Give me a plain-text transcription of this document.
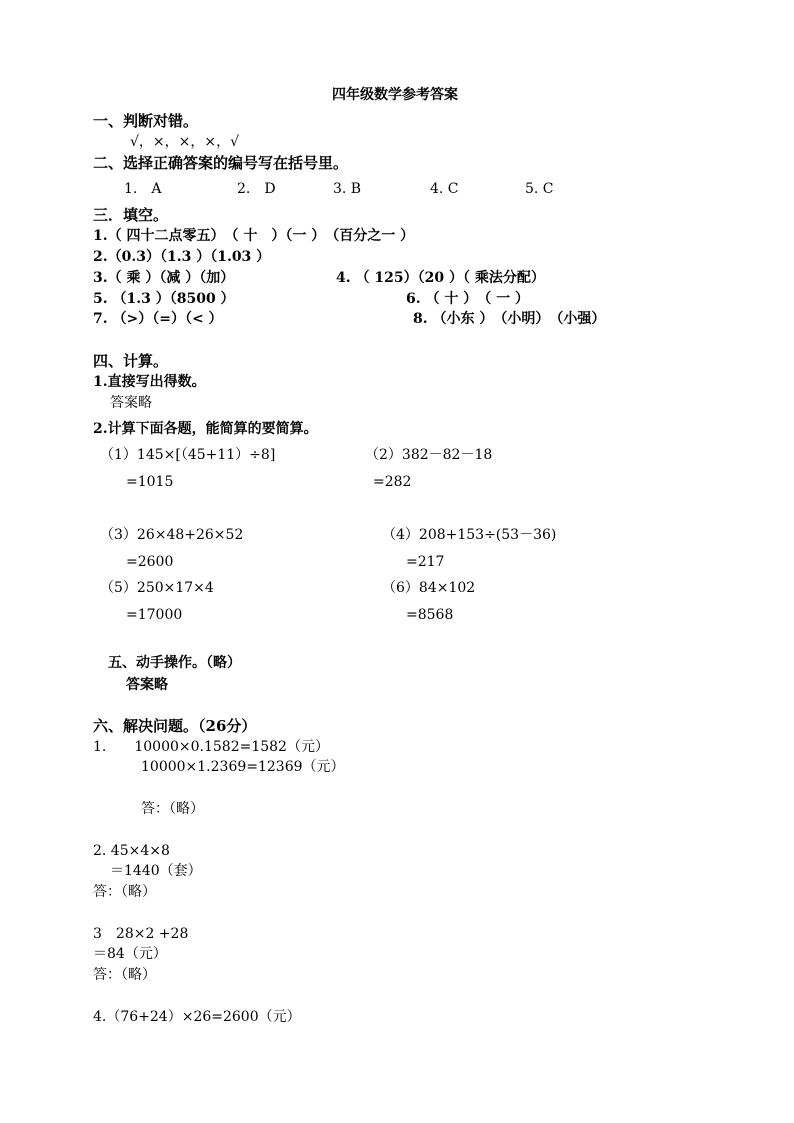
四年级数学参考答案
一、判断对错。
√，×，×，×，√
二、选择正确答案的编号写在括号里。
1.　A	2.　D	3. B	4. C	5. C
三．填空。
1.（ 四十二点零五）　（ 十　）（一 ）　（百分之一 ）
2.（0.3）（1.3 ）（1.03 ）
3.（ 乘 ）（减 ）（加）	4. （ 125）（20 ）（ 乘法分配）
5. （1.3 ）（8500 ）	6. （ 十 ）　（ 一 ）
7. （>）（=）（< ）	8. （小东 ）　（小明）　（小强）
四、计算。
1.直接写出得数。
答案略
2.计算下面各题，能简算的要简算。
（1）145×[（45+11）÷8]
=1015
（2）382－82－18
=282
（3）26×48+26×52
=2600
（4）208+153÷(53－36)
=217
（5）250×17×4
=17000
（6）84×102
=8568
五、动手操作。（略）
答案略
六、解决问题。（26分）
1.　　10000×0.1582=1582（元）
10000×1.2369=12369（元）
答：（略）
2. 45×4×8
＝1440（套）
答：（略）
3　28×2 +28
＝84（元）
答：（略）
4.（76+24）×26=2600（元）
